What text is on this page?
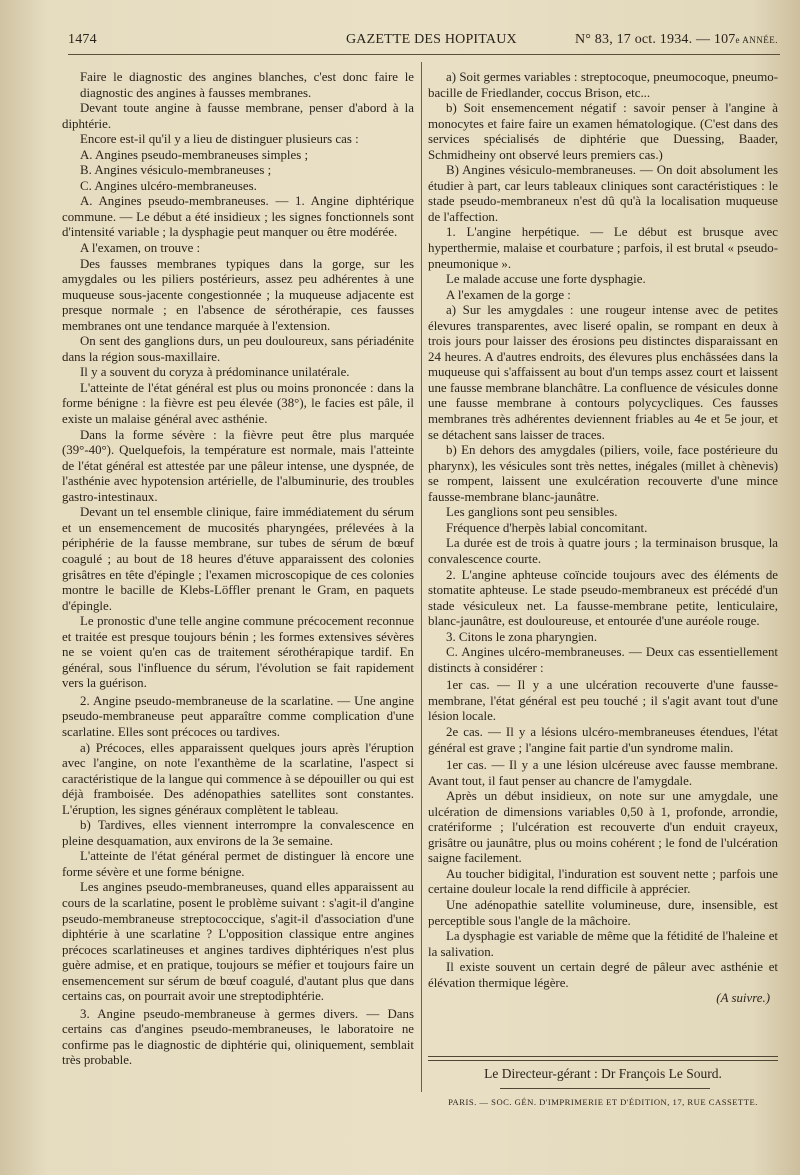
1474	GAZETTE DES HOPITAUX	N° 83, 17 oct. 1934. — 107e ANNÉE.

Faire le diagnostic des angines blanches, c'est donc faire le diagnostic des angines à fausses membranes.

Devant toute angine à fausse membrane, penser d'abord à la diphtérie.

Encore est-il qu'il y a lieu de distinguer plusieurs cas :

A. Angines pseudo-membraneuses simples ;

B. Angines vésiculo-membraneuses ;

C. Angines ulcéro-membraneuses.

A. Angines pseudo-membraneuses. — 1. Angine diphtérique commune. — Le début a été insidieux ; les signes fonctionnels sont d'intensité variable ; la dysphagie peut manquer ou être modérée.

A l'examen, on trouve :

Des fausses membranes typiques dans la gorge, sur les amygdales ou les piliers postérieurs, assez peu adhérentes à une muqueuse sous-jacente congestionnée ; la muqueuse adjacente est presque normale ; en l'absence de sérothérapie, ces fausses membranes ont une tendance marquée à l'extension.

On sent des ganglions durs, un peu douloureux, sans périadénite dans la région sous-maxillaire.

Il y a souvent du coryza à prédominance unilatérale.

L'atteinte de l'état général est plus ou moins prononcée : dans la forme bénigne : la fièvre est peu élevée (38°), le facies est pâle, il existe un malaise général avec asthénie.

Dans la forme sévère : la fièvre peut être plus marquée (39°-40°). Quelquefois, la température est normale, mais l'atteinte de l'état général est attestée par une pâleur intense, une dyspnée, de l'asthénie avec hypotension artérielle, de l'albuminurie, des troubles gastro-intestinaux.

Devant un tel ensemble clinique, faire immédiatement du sérum et un ensemencement de mucosités pharyngées, prélevées à la périphérie de la fausse membrane, sur tubes de sérum de bœuf coagulé ; au bout de 18 heures d'étuve apparaissent des colonies grisâtres en tête d'épingle ; l'examen microscopique de ces colonies montre le bacille de Klebs-Löffler prenant le Gram, en paquets d'épingle.

Le pronostic d'une telle angine commune précocement reconnue et traitée est presque toujours bénin ; les formes extensives sévères ne se voient qu'en cas de traitement sérothérapique tardif. En général, sous l'influence du sérum, l'évolution se fait rapidement vers la guérison.

2. Angine pseudo-membraneuse de la scarlatine. — Une angine pseudo-membraneuse peut apparaître comme complication d'une scarlatine. Elles sont précoces ou tardives.

a) Précoces, elles apparaissent quelques jours après l'éruption avec l'angine, on note l'exanthème de la scarlatine, l'aspect si caractéristique de la langue qui commence à se dépouiller ou qui est déjà framboisée. Des adénopathies satellites sont constantes. L'éruption, les signes généraux complètent le tableau.

b) Tardives, elles viennent interrompre la convalescence en pleine desquamation, aux environs de la 3e semaine.

L'atteinte de l'état général permet de distinguer là encore une forme sévère et une forme bénigne.

Les angines pseudo-membraneuses, quand elles apparaissent au cours de la scarlatine, posent le problème suivant : s'agit-il d'angine pseudo-membraneuse streptococcique, s'agit-il d'association d'une diphtérie à une scarlatine ? L'opposition classique entre angines précoces scarlatineuses et angines tardives diphtériques n'est plus guère admise, et en pratique, toujours se méfier et toujours faire un ensemencement sur sérum de bœuf coagulé, d'autant plus que dans certains cas, on pourrait avoir une streptodiphtérie.

3. Angine pseudo-membraneuse à germes divers. — Dans certains cas d'angines pseudo-membraneuses, le laboratoire ne confirme pas le diagnostic de diphtérie qui, oliniquement, semblait très probable.

a) Soit germes variables : streptocoque, pneumocoque, pneumo-bacille de Friedlander, coccus Brison, etc...

b) Soit ensemencement négatif : savoir penser à l'angine à monocytes et faire faire un examen hématologique. (C'est dans des services spécialisés de diphtérie que Duessing, Baader, Schmidheiny ont observé leurs premiers cas.)

B) Angines vésiculo-membraneuses. — On doit absolument les étudier à part, car leurs tableaux cliniques sont caractéristiques : le stade pseudo-membraneux n'est dû qu'à la localisation muqueuse de l'affection.

1. L'angine herpétique. — Le début est brusque avec hyperthermie, malaise et courbature ; parfois, il est brutal « pseudo-pneumonique ».

Le malade accuse une forte dysphagie.

A l'examen de la gorge :

a) Sur les amygdales : une rougeur intense avec de petites élevures transparentes, avec liseré opalin, se rompant en deux à trois jours pour laisser des érosions peu distinctes disparaissant en 24 heures. A d'autres endroits, des élevures plus enchâssées dans la muqueuse qui s'affaissent au bout d'un temps assez court et laissent une fausse membrane blanchâtre. La confluence de vésicules donne une fausse membrane à contours polycycliques. Ces fausses membranes très adhérentes deviennent friables au 4e et 5e jour, et se détachent sans laisser de traces.

b) En dehors des amygdales (piliers, voile, face postérieure du pharynx), les vésicules sont très nettes, inégales (millet à chènevis) se rompent, laissent une exulcération recouverte d'une mince fausse-membrane blanc-jaunâtre.

Les ganglions sont peu sensibles.

Fréquence d'herpès labial concomitant.

La durée est de trois à quatre jours ; la terminaison brusque, la convalescence courte.

2. L'angine aphteuse coïncide toujours avec des éléments de stomatite aphteuse. Le stade pseudo-membraneux est précédé d'un stade vésiculeux net. La fausse-membrane petite, lenticulaire, blanc-jaunâtre, est douloureuse, et entourée d'une auréole rouge.

3. Citons le zona pharyngien.

C. Angines ulcéro-membraneuses. — Deux cas essentiellement distincts à considérer :

1er cas. — Il y a une ulcération recouverte d'une fausse-membrane, l'état général est peu touché ; il s'agit avant tout d'une lésion locale.

2e cas. — Il y a lésions ulcéro-membraneuses étendues, l'état général est grave ; l'angine fait partie d'un syndrome malin.

1er cas. — Il y a une lésion ulcéreuse avec fausse membrane. Avant tout, il faut penser au chancre de l'amygdale.

Après un début insidieux, on note sur une amygdale, une ulcération de dimensions variables 0,50 à 1, profonde, arrondie, cratériforme ; l'ulcération est recouverte d'un enduit crayeux, grisâtre ou jaunâtre, plus ou moins cohérent ; le fond de l'ulcération saigne facilement.

Au toucher bidigital, l'induration est souvent nette ; parfois une certaine douleur locale la rend difficile à apprécier.

Une adénopathie satellite volumineuse, dure, insensible, est perceptible sous l'angle de la mâchoire.

La dysphagie est variable de même que la fétidité de l'haleine et la salivation.

Il existe souvent un certain degré de pâleur avec asthénie et élévation thermique légère.

(A suivre.)

Le Directeur-gérant : Dr François Le Sourd.
PARIS. — SOC. GÉN. D'IMPRIMERIE ET D'ÉDITION, 17, RUE CASSETTE.
